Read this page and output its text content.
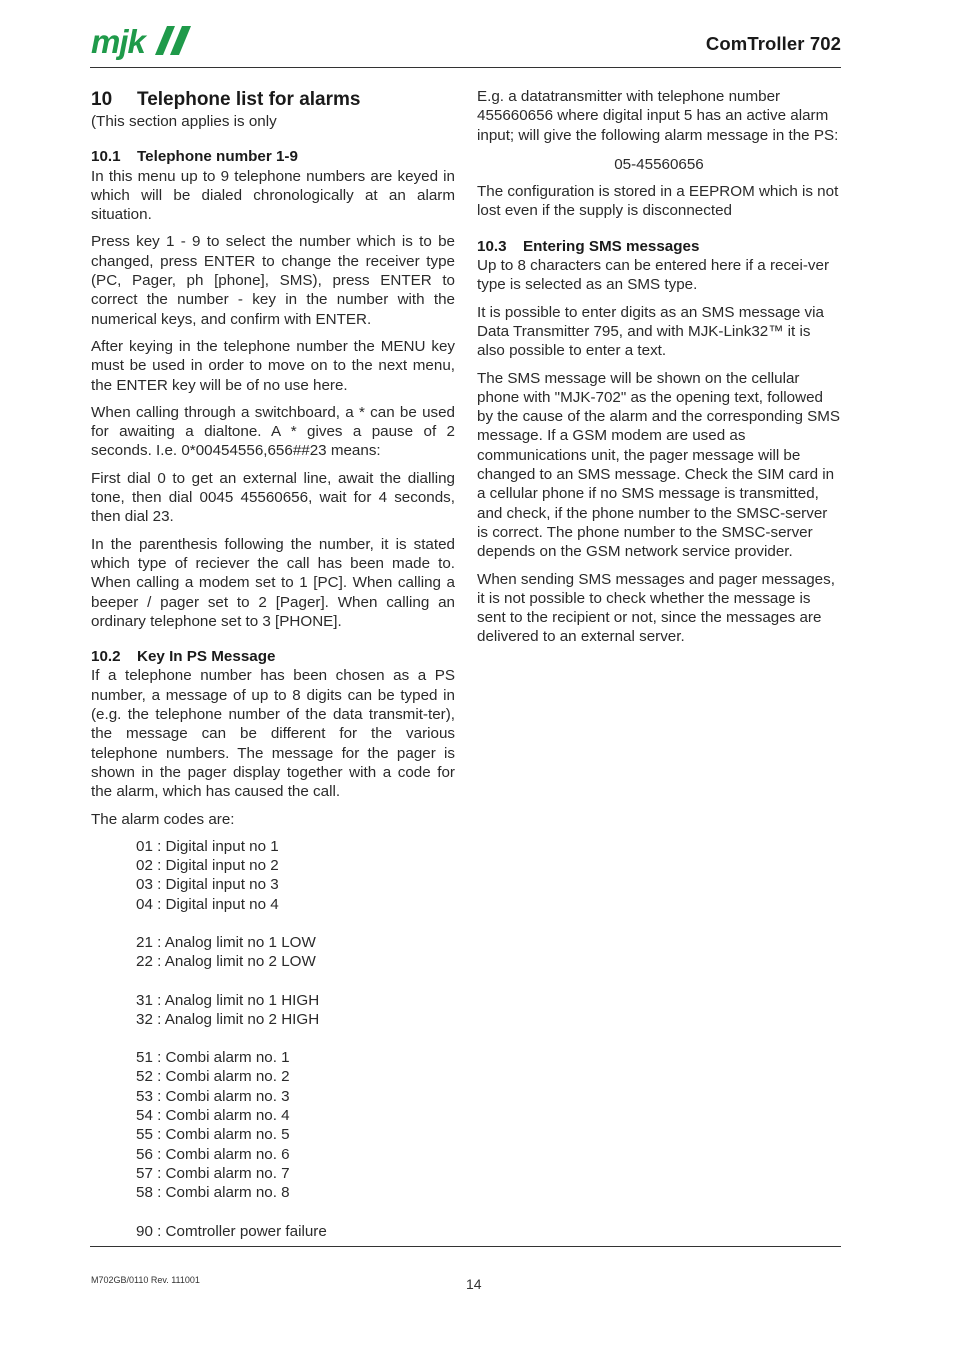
mjk	ComTroller 702
10 Telephone list for alarms

(This section applies is only

10.1 Telephone number 1-9

In this menu up to 9 telephone numbers are keyed in which will be dialed chronologically at an alarm situation.

Press key 1 - 9 to select the number which is to be changed, press ENTER to change the receiver type (PC, Pager, ph [phone], SMS), press ENTER to correct the number - key in the number with the numerical keys, and confirm with ENTER.

After keying in the telephone number the MENU key must be used in order to move on to the next menu, the ENTER key will be of no use here.

When calling through a switchboard, a * can be used for awaiting a dialtone. A * gives a pause of 2 seconds. I.e. 0*00454556,656##23 means:

First dial 0 to get an external line, await the dialling tone, then dial 0045 45560656, wait for 4 seconds, then dial 23.

In the parenthesis following the number, it is stated which type of reciever the call has been made to. When calling a modem set to 1 [PC]. When calling a beeper / pager set to 2 [Pager]. When calling an ordinary telephone set to 3 [PHONE].

10.2 Key In PS Message

If a telephone number has been chosen as a PS number, a message of up to 8 digits can be typed in (e.g. the telephone number of the data transmit-ter), the message can be different for the various telephone numbers. The message for the pager is shown in the pager display together with a code for the alarm, which has caused the call.

The alarm codes are:

01 : Digital input no 1
02 : Digital input no 2
03 : Digital input no 3
04 : Digital input no 4
21 : Analog limit no 1 LOW
22 : Analog limit no 2 LOW
31 : Analog limit no 1 HIGH
32 : Analog limit no 2 HIGH
51 : Combi alarm no. 1
52 : Combi alarm no. 2
53 : Combi alarm no. 3
54 : Combi alarm no. 4
55 : Combi alarm no. 5
56 : Combi alarm no. 6
57 : Combi alarm no. 7
58 : Combi alarm no. 8
90 : Comtroller power failure

E.g. a datatransmitter with telephone number 455660656 where digital input 5 has an active alarm input; will give the following alarm message in the PS:

05-45560656

The configuration is stored in a EEPROM which is not lost even if the supply is disconnected

10.3 Entering SMS messages

Up to 8 characters can be entered here if a recei-ver type is selected as an SMS type.

It is possible to enter digits as an SMS message via Data Transmitter 795, and with MJK-Link32™ it is also possible to enter a text.

The SMS message will be shown on the cellular phone with "MJK-702" as the opening text, followed by the cause of the alarm and the corresponding SMS message. If a GSM modem are used as communications unit, the pager message will be changed to an SMS message. Check the SIM card in a cellular phone if no SMS message is transmitted, and check, if the phone number to the SMSC-server is correct. The phone number to the SMSC-server depends on the GSM network service provider.

When sending SMS messages and pager messages, it is not possible to check whether the message is sent to the recipient or not, since the messages are delivered to an external server.

M702GB/0110 Rev. 111001	14
